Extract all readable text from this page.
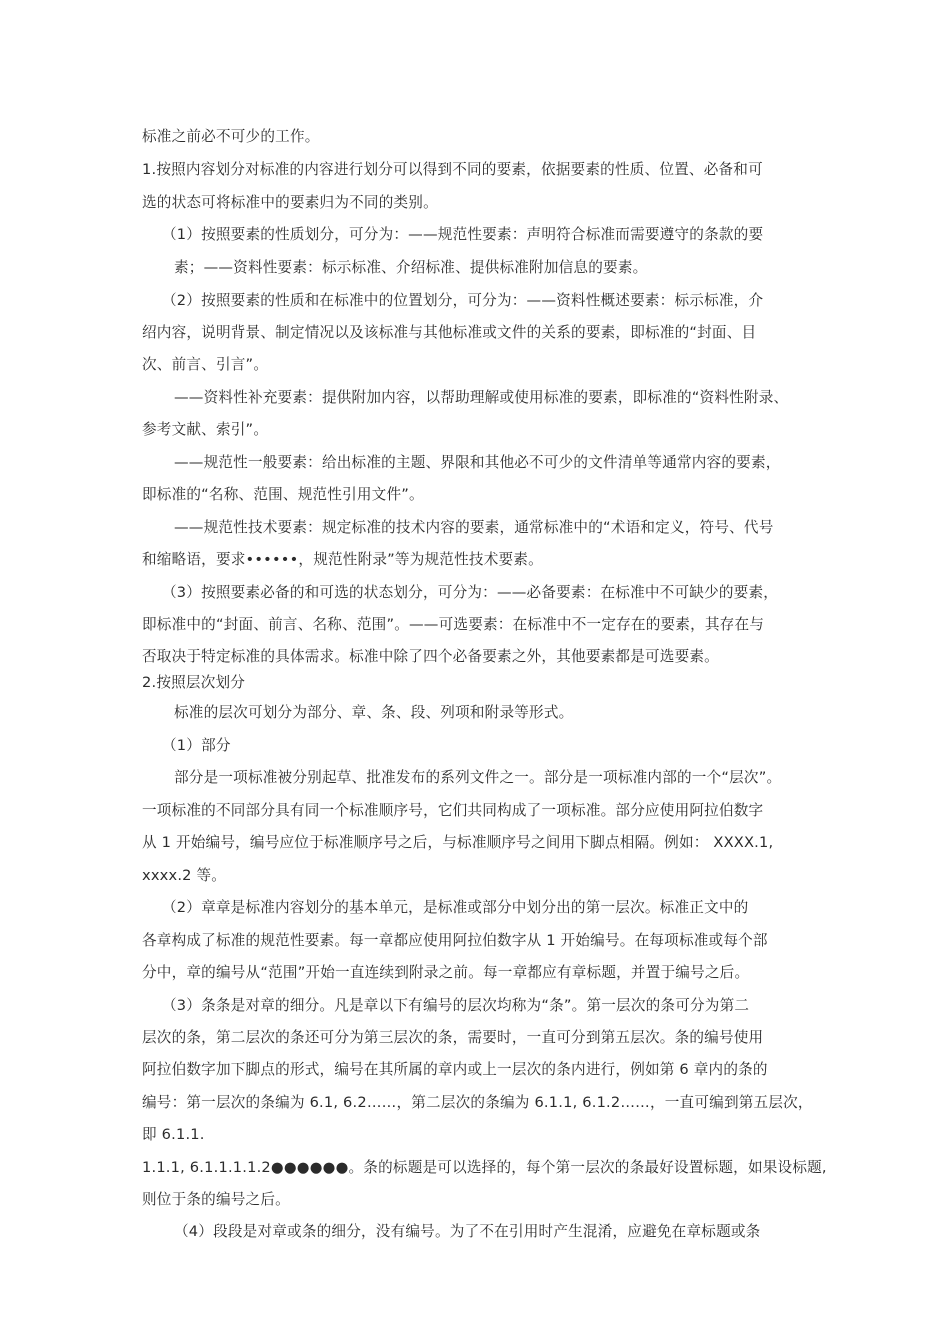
标准之前必不可少的工作。
1.按照内容划分对标准的内容进行划分可以得到不同的要素，依据要素的性质、位置、必备和可
选的状态可将标准中的要素归为不同的类别。
（1）按照要素的性质划分，可分为：——规范性要素：声明符合标准而需要遵守的条款的要
素；——资料性要素：标示标准、介绍标准、提供标准附加信息的要素。
（2）按照要素的性质和在标准中的位置划分，可分为：——资料性概述要素：标示标准，介
绍内容，说明背景、制定情况以及该标准与其他标准或文件的关系的要素，即标准的“封面、目
次、前言、引言”。
——资料性补充要素：提供附加内容，以帮助理解或使用标准的要素，即标准的“资料性附录、
参考文献、索引”。
——规范性一般要素：给出标准的主题、界限和其他必不可少的文件清单等通常内容的要素，
即标准的“名称、范围、规范性引用文件”。
——规范性技术要素：规定标准的技术内容的要素，通常标准中的“术语和定义，符号、代号
和缩略语，要求••••••，规范性附录”等为规范性技术要素。
（3）按照要素必备的和可选的状态划分，可分为：——必备要素：在标准中不可缺少的要素，
即标准中的“封面、前言、名称、范围”。——可选要素：在标准中不一定存在的要素，其存在与
否取决于特定标准的具体需求。标准中除了四个必备要素之外，其他要素都是可选要素。
2.按照层次划分
标准的层次可划分为部分、章、条、段、列项和附录等形式。
（1）部分
部分是一项标准被分别起草、批准发布的系列文件之一。部分是一项标准内部的一个“层次”。
一项标准的不同部分具有同一个标准顺序号，它们共同构成了一项标准。部分应使用阿拉伯数字
从 1 开始编号，编号应位于标准顺序号之后，与标准顺序号之间用下脚点相隔。例如： XXXX.1,
xxxx.2 等。
（2）章章是标准内容划分的基本单元，是标准或部分中划分出的第一层次。标准正文中的
各章构成了标准的规范性要素。每一章都应使用阿拉伯数字从 1 开始编号。在每项标准或每个部
分中，章的编号从“范围”开始一直连续到附录之前。每一章都应有章标题，并置于编号之后。
（3）条条是对章的细分。凡是章以下有编号的层次均称为“条”。第一层次的条可分为第二
层次的条，第二层次的条还可分为第三层次的条，需要时，一直可分到第五层次。条的编号使用
阿拉伯数字加下脚点的形式，编号在其所属的章内或上一层次的条内进行，例如第 6 章内的条的
编号：第一层次的条编为 6.1, 6.2……，第二层次的条编为 6.1.1, 6.1.2……，一直可编到第五层次，
即 6.1.1.
1.1.1, 6.1.1.1.1.2●●●●●●。条的标题是可以选择的，每个第一层次的条最好设置标题，如果设标题,
则位于条的编号之后。
（4）段段是对章或条的细分，没有编号。为了不在引用时产生混淆，应避免在章标题或条
